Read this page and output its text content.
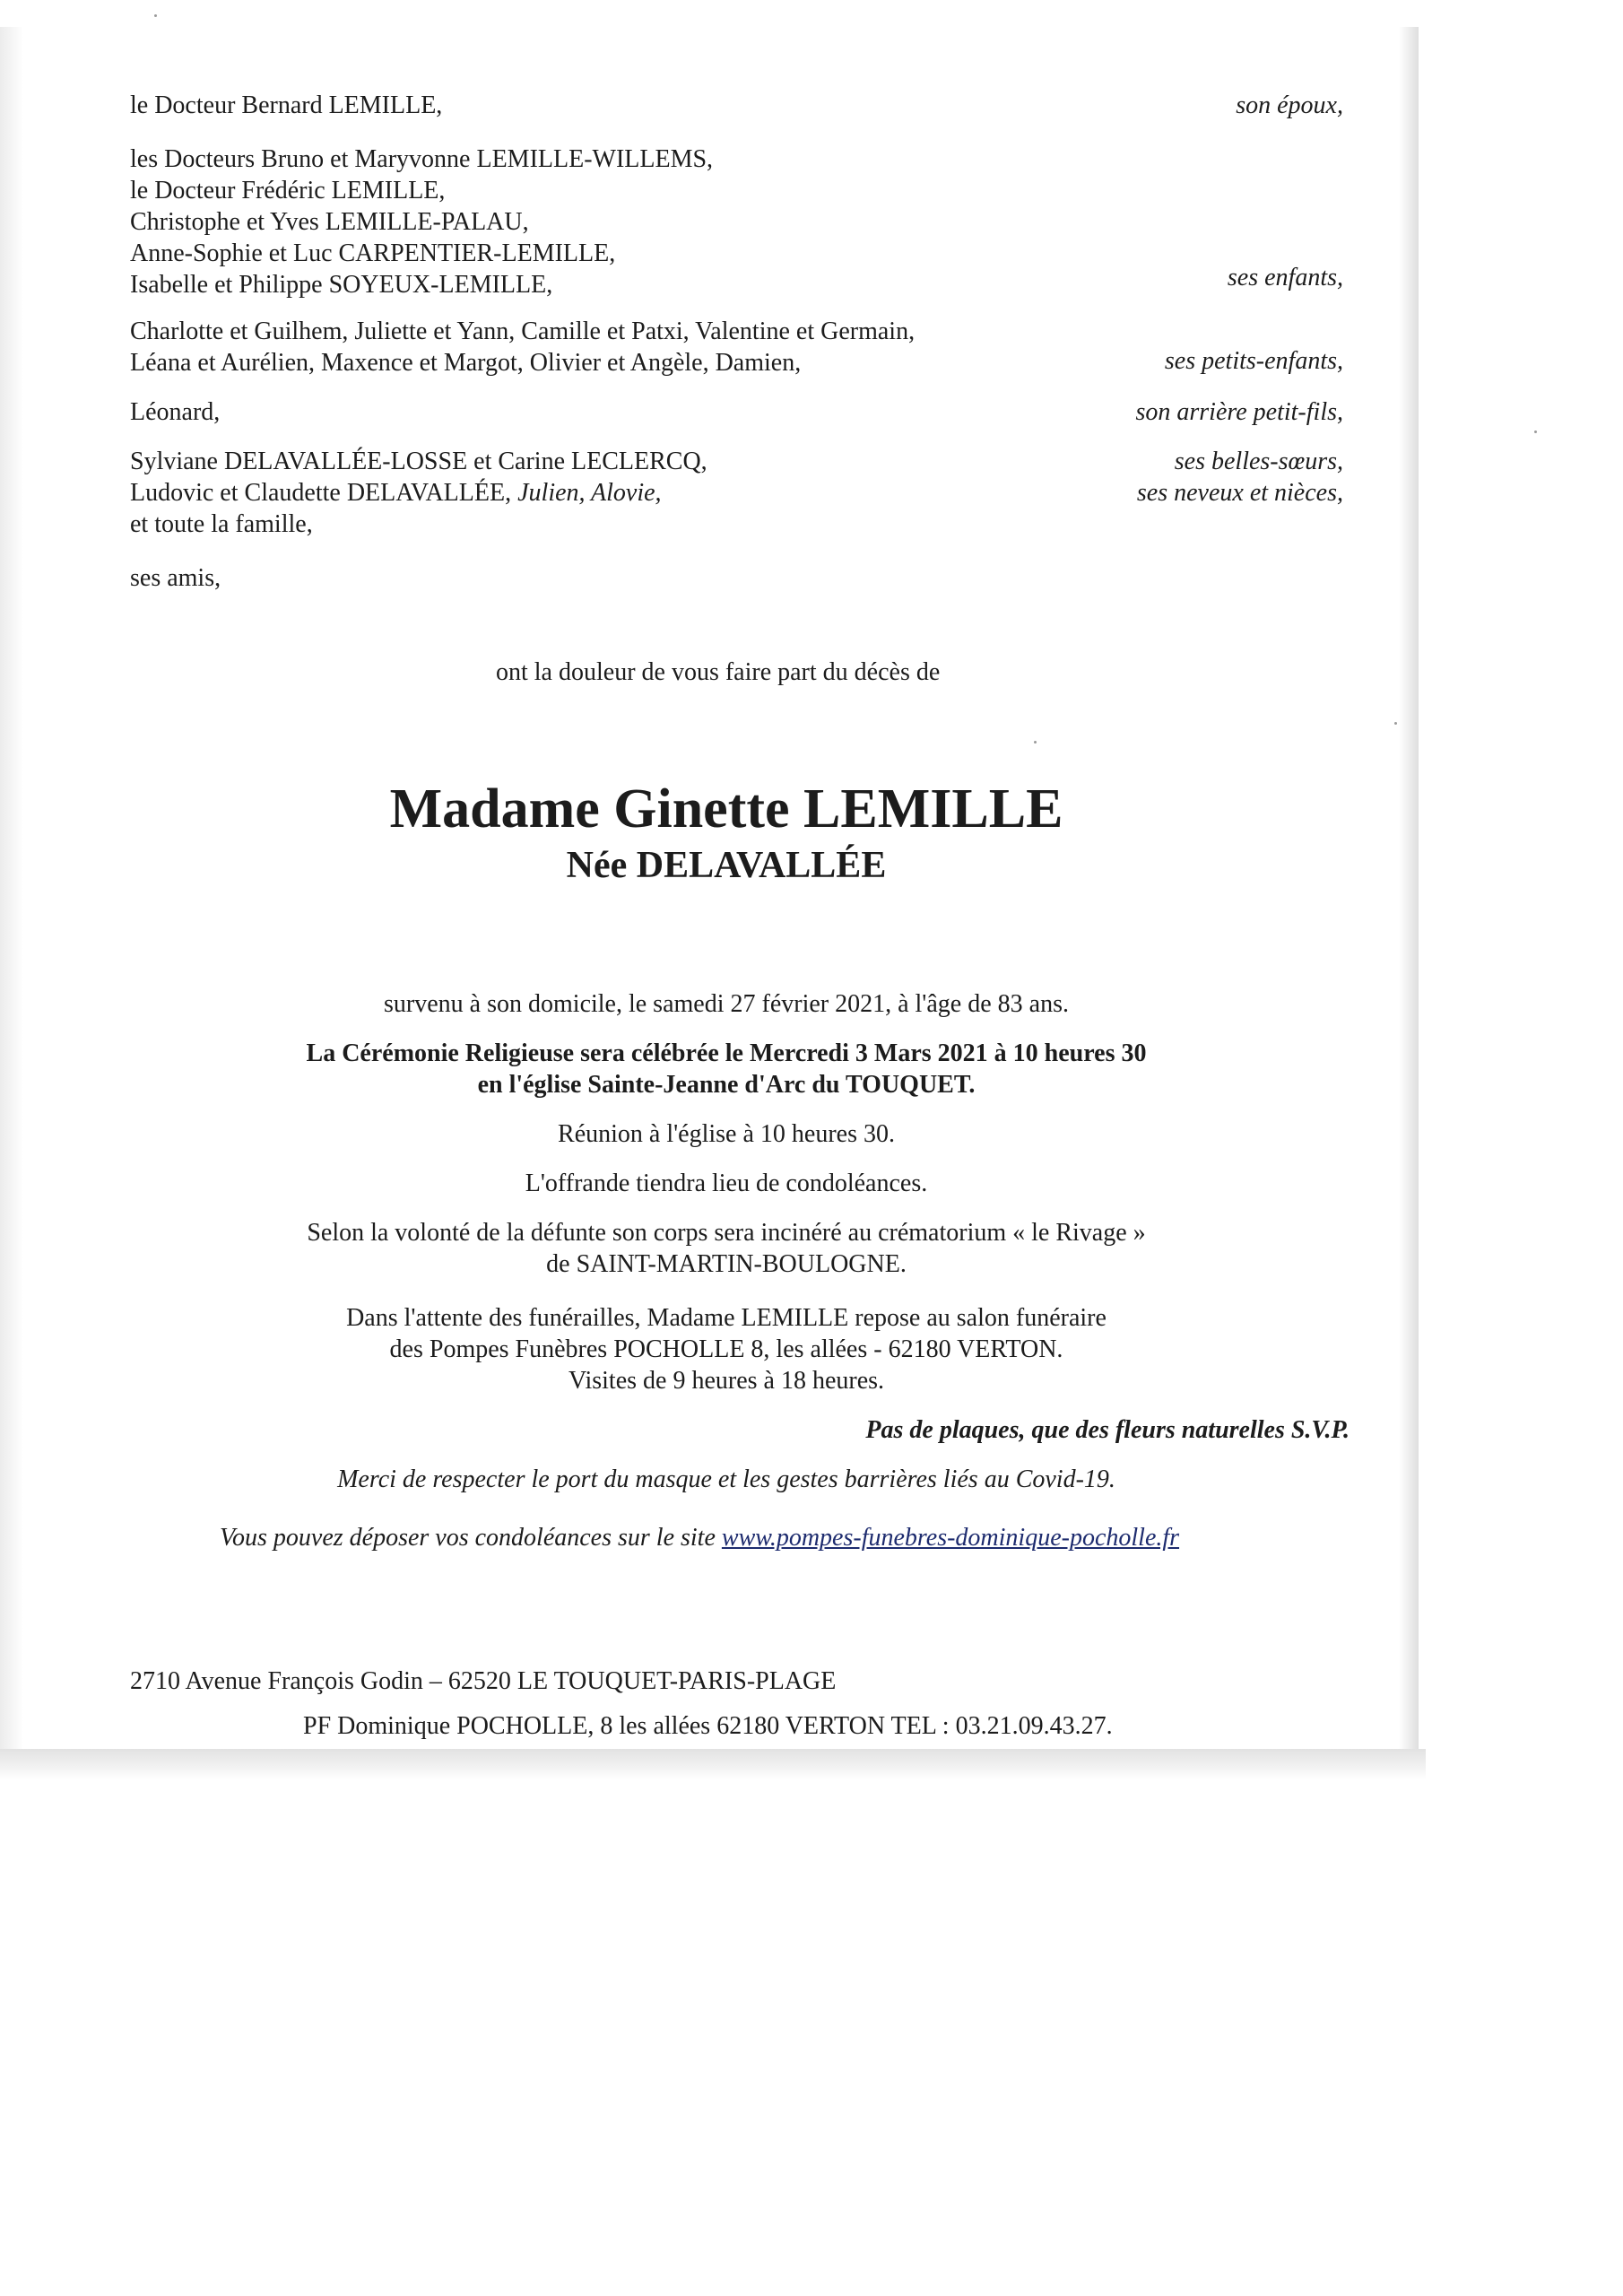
le Docteur Bernard LEMILLE,
les Docteurs Bruno et Maryvonne LEMILLE-WILLEMS,
le Docteur Frédéric LEMILLE,
Christophe et Yves LEMILLE-PALAU,
Anne-Sophie et Luc CARPENTIER-LEMILLE,
Isabelle et Philippe SOYEUX-LEMILLE,
Charlotte et Guilhem, Juliette et Yann, Camille et Patxi, Valentine et Germain,
Léana et Aurélien, Maxence et Margot, Olivier et Angèle, Damien,
Léonard,
Sylviane DELAVALLÉE-LOSSE et Carine LECLERCQ,
Ludovic et Claudette DELAVALLÉE, Julien, Alovie,
et toute la famille,
ses amis,
son époux,
ses enfants,
ses petits-enfants,
son arrière petit-fils,
ses belles-sœurs,
ses neveux et nièces,
ont la douleur de vous faire part du décès de
Madame Ginette LEMILLE
Née DELAVALLÉE
survenu à son domicile, le samedi 27 février 2021, à l'âge de 83 ans.
La Cérémonie Religieuse sera célébrée le Mercredi 3 Mars 2021 à 10 heures 30
en l'église Sainte-Jeanne d'Arc du TOUQUET.
Réunion à l'église à 10 heures 30.
L'offrande tiendra lieu de condoléances.
Selon la volonté de la défunte son corps sera incinéré au crématorium « le Rivage »
de SAINT-MARTIN-BOULOGNE.
Dans l'attente des funérailles, Madame LEMILLE repose au salon funéraire
des Pompes Funèbres POCHOLLE 8, les allées - 62180 VERTON.
Visites de 9 heures à 18 heures.
Pas de plaques, que des fleurs naturelles S.V.P.
Merci de respecter le port du masque et les gestes barrières liés au Covid-19.
Vous pouvez déposer vos condoléances sur le site www.pompes-funebres-dominique-pocholle.fr
2710 Avenue François Godin – 62520 LE TOUQUET-PARIS-PLAGE
PF Dominique POCHOLLE, 8 les allées 62180 VERTON TEL : 03.21.09.43.27.
